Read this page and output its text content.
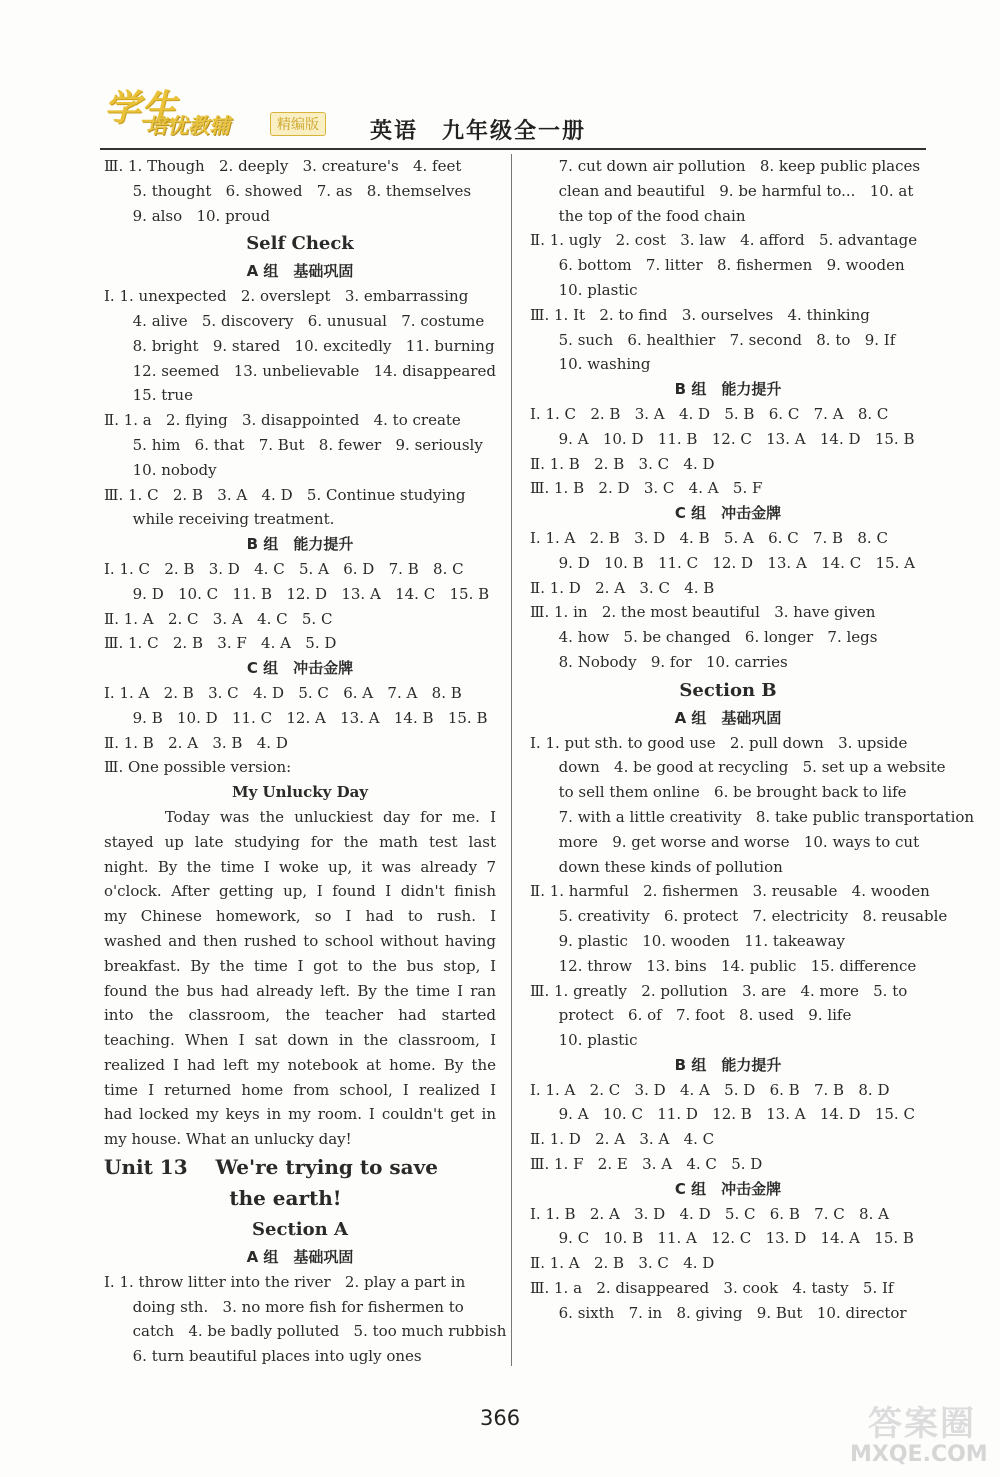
学生
培优教辅	精编版	英语　九年级全一册
Ⅲ. 1. Though   2. deeply   3. creature's   4. feet
5. thought   6. showed   7. as   8. themselves
9. also   10. proud
Self Check
A 组　基础巩固
Ⅰ. 1. unexpected   2. overslept   3. embarrassing
4. alive   5. discovery   6. unusual   7. costume
8. bright   9. stared   10. excitedly   11. burning
12. seemed   13. unbelievable   14. disappeared
15. true
Ⅱ. 1. a   2. flying   3. disappointed   4. to create
5. him   6. that   7. But   8. fewer   9. seriously
10. nobody
Ⅲ. 1. C   2. B   3. A   4. D   5. Continue studying
while receiving treatment.
B 组　能力提升
Ⅰ. 1. C   2. B   3. D   4. C   5. A   6. D   7. B   8. C
9. D   10. C   11. B   12. D   13. A   14. C   15. B
Ⅱ. 1. A   2. C   3. A   4. C   5. C
Ⅲ. 1. C   2. B   3. F   4. A   5. D
C 组　冲击金牌
Ⅰ. 1. A   2. B   3. C   4. D   5. C   6. A   7. A   8. B
9. B   10. D   11. C   12. A   13. A   14. B   15. B
Ⅱ. 1. B   2. A   3. B   4. D
Ⅲ. One possible version:
My Unlucky Day
Today was the unluckiest day for me. I
stayed up late studying for the math test last
night. By the time I woke up, it was already 7
o'clock. After getting up, I found I didn't finish
my Chinese homework, so I had to rush. I
washed and then rushed to school without having
breakfast. By the time I got to the bus stop, I
found the bus had already left. By the time I ran
into the classroom, the teacher had started
teaching. When I sat down in the classroom, I
realized I had left my notebook at home. By the
time I returned home from school, I realized I
had locked my keys in my room. I couldn't get in
my house. What an unlucky day!
Unit 13    We're trying to save
the earth!
Section A
A 组　基础巩固
Ⅰ. 1. throw litter into the river   2. play a part in
doing sth.   3. no more fish for fishermen to
catch   4. be badly polluted   5. too much rubbish
6. turn beautiful places into ugly ones
7. cut down air pollution   8. keep public places
clean and beautiful   9. be harmful to...   10. at
the top of the food chain
Ⅱ. 1. ugly   2. cost   3. law   4. afford   5. advantage
6. bottom   7. litter   8. fishermen   9. wooden
10. plastic
Ⅲ. 1. It   2. to find   3. ourselves   4. thinking
5. such   6. healthier   7. second   8. to   9. If
10. washing
B 组　能力提升
Ⅰ. 1. C   2. B   3. A   4. D   5. B   6. C   7. A   8. C
9. A   10. D   11. B   12. C   13. A   14. D   15. B
Ⅱ. 1. B   2. B   3. C   4. D
Ⅲ. 1. B   2. D   3. C   4. A   5. F
C 组　冲击金牌
Ⅰ. 1. A   2. B   3. D   4. B   5. A   6. C   7. B   8. C
9. D   10. B   11. C   12. D   13. A   14. C   15. A
Ⅱ. 1. D   2. A   3. C   4. B
Ⅲ. 1. in   2. the most beautiful   3. have given
4. how   5. be changed   6. longer   7. legs
8. Nobody   9. for   10. carries
Section B
A 组　基础巩固
Ⅰ. 1. put sth. to good use   2. pull down   3. upside
down   4. be good at recycling   5. set up a website
to sell them online   6. be brought back to life
7. with a little creativity   8. take public transportation
more   9. get worse and worse   10. ways to cut
down these kinds of pollution
Ⅱ. 1. harmful   2. fishermen   3. reusable   4. wooden
5. creativity   6. protect   7. electricity   8. reusable
9. plastic   10. wooden   11. takeaway
12. throw   13. bins   14. public   15. difference
Ⅲ. 1. greatly   2. pollution   3. are   4. more   5. to
protect   6. of   7. foot   8. used   9. life
10. plastic
B 组　能力提升
Ⅰ. 1. A   2. C   3. D   4. A   5. D   6. B   7. B   8. D
9. A   10. C   11. D   12. B   13. A   14. D   15. C
Ⅱ. 1. D   2. A   3. A   4. C
Ⅲ. 1. F   2. E   3. A   4. C   5. D
C 组　冲击金牌
Ⅰ. 1. B   2. A   3. D   4. D   5. C   6. B   7. C   8. A
9. C   10. B   11. A   12. C   13. D   14. A   15. B
Ⅱ. 1. A   2. B   3. C   4. D
Ⅲ. 1. a   2. disappeared   3. cook   4. tasty   5. If
6. sixth   7. in   8. giving   9. But   10. director
366	答案圈
MXQE.COM
